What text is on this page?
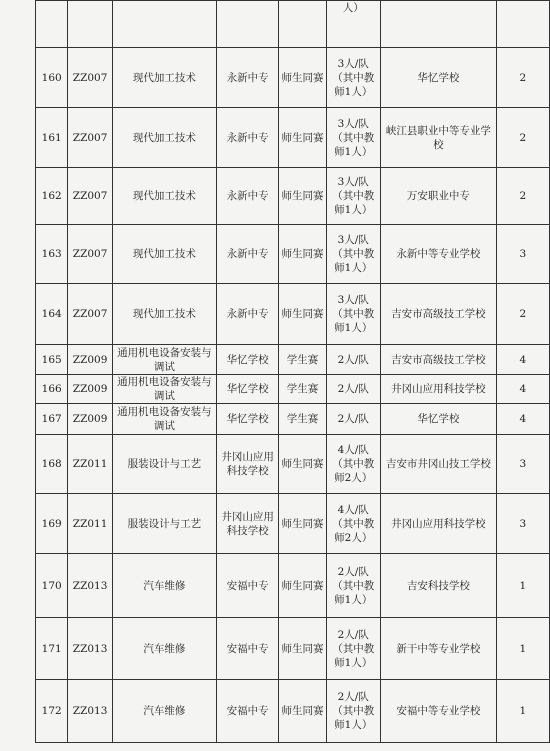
					人）		
160	ZZ007	现代加工技术	永新中专	师生同赛	3人/队（其中教师1人）	华忆学校	2
161	ZZ007	现代加工技术	永新中专	师生同赛	3人/队（其中教师1人）	峡江县职业中等专业学校	2
162	ZZ007	现代加工技术	永新中专	师生同赛	3人/队（其中教师1人）	万安职业中专	2
163	ZZ007	现代加工技术	永新中专	师生同赛	3人/队（其中教师1人）	永新中等专业学校	3
164	ZZ007	现代加工技术	永新中专	师生同赛	3人/队（其中教师1人）	吉安市高级技工学校	2
165	ZZ009	通用机电设备安装与调试	华忆学校	学生赛	2人/队	吉安市高级技工学校	4
166	ZZ009	通用机电设备安装与调试	华忆学校	学生赛	2人/队	井冈山应用科技学校	4
167	ZZ009	通用机电设备安装与调试	华忆学校	学生赛	2人/队	华忆学校	4
168	ZZ011	服装设计与工艺	井冈山应用科技学校	师生同赛	4人/队（其中教师2人）	吉安市井冈山技工学校	3
169	ZZ011	服装设计与工艺	井冈山应用科技学校	师生同赛	4人/队（其中教师2人）	井冈山应用科技学校	3
170	ZZ013	汽车维修	安福中专	师生同赛	2人/队（其中教师1人）	吉安科技学校	1
171	ZZ013	汽车维修	安福中专	师生同赛	2人/队（其中教师1人）	新干中等专业学校	1
172	ZZ013	汽车维修	安福中专	师生同赛	2人/队（其中教师1人）	安福中等专业学校	1
